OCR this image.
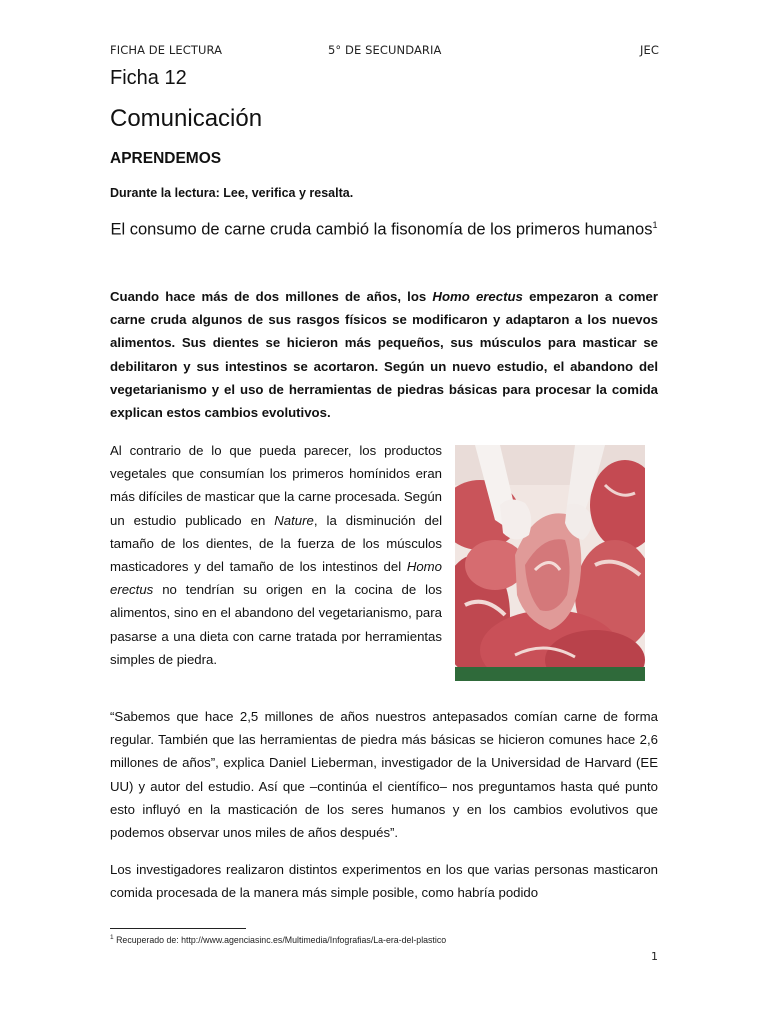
FICHA DE LECTURA	5° DE SECUNDARIA	JEC
Ficha 12
Comunicación
APRENDEMOS
Durante la lectura: Lee, verifica y resalta.
El consumo de carne cruda cambió la fisonomía de los primeros humanos$^1$

Cuando hace más de dos millones de años, los Homo erectus empezaron a comer carne cruda algunos de sus rasgos físicos se modificaron y adaptaron a los nuevos alimentos. Sus dientes se hicieron más pequeños, sus músculos para masticar se debilitaron y sus intestinos se acortaron. Según un nuevo estudio, el abandono del vegetarianismo y el uso de herramientas de piedras básicas para procesar la comida explican estos cambios evolutivos.

Al contrario de lo que pueda parecer, los productos vegetales que consumían los primeros homínidos eran más difíciles de masticar que la carne procesada. Según un estudio publicado en Nature, la disminución del tamaño de los dientes, de la fuerza de los músculos masticadores y del tamaño de los intestinos del Homo erectus no tendrían su origen en la cocina de los alimentos, sino en el abandono del vegetarianismo, para pasarse a una dieta con carne tratada por herramientas simples de piedra.

“Sabemos que hace 2,5 millones de años nuestros antepasados comían carne de forma regular. También que las herramientas de piedra más básicas se hicieron comunes hace 2,6 millones de años”, explica Daniel Lieberman, investigador de la Universidad de Harvard (EE UU) y autor del estudio. Así que –continúa el científico– nos preguntamos hasta qué punto esto influyó en la masticación de los seres humanos y en los cambios evolutivos que podemos observar unos miles de años después”.

Los investigadores realizaron distintos experimentos en los que varias personas masticaron comida procesada de la manera más simple posible, como habría podido

$^1$ Recuperado de: http://www.agenciasinc.es/Multimedia/Infografias/La-era-del-plastico
1
